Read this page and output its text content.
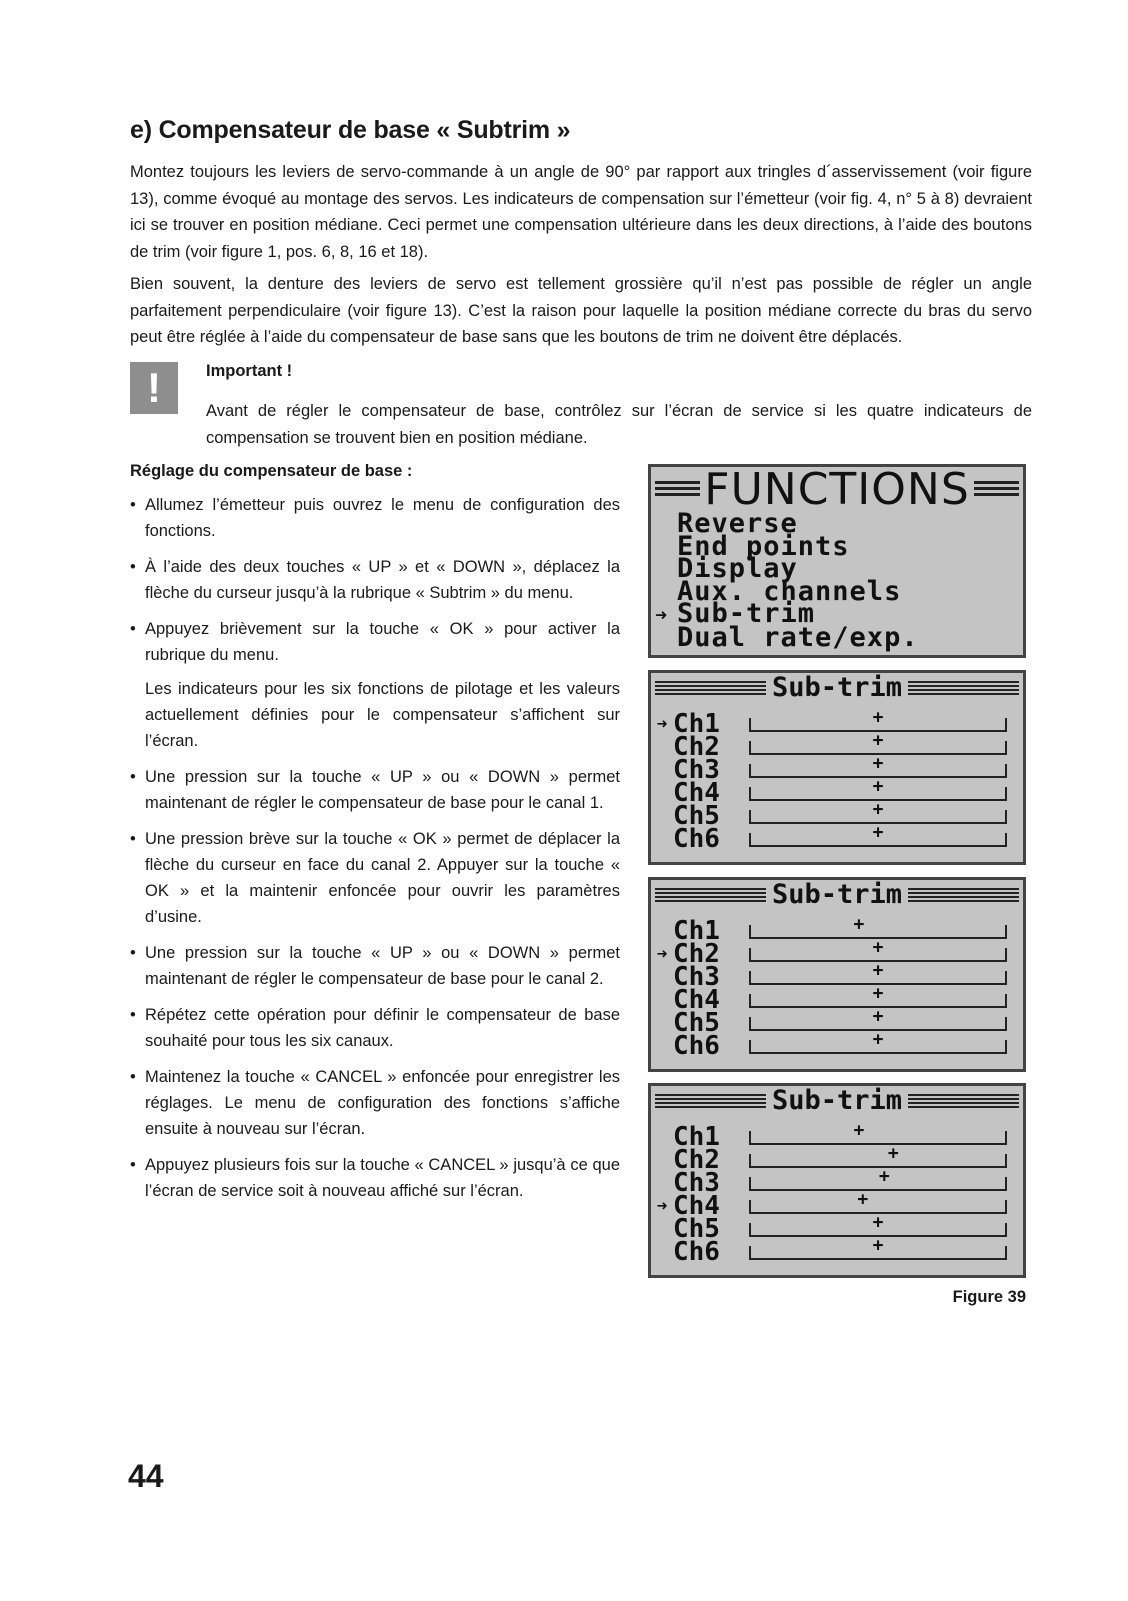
e) Compensateur de base « Subtrim »

Montez toujours les leviers de servo-commande à un angle de 90° par rapport aux tringles d´asservissement (voir figure 13), comme évoqué au montage des servos. Les indicateurs de compensation sur l’émetteur (voir fig. 4, n° 5 à 8) devraient ici se trouver en position médiane. Ceci permet une compensation ultérieure dans les deux directions, à l’aide des boutons de trim (voir figure 1, pos. 6, 8, 16 et 18).

Bien souvent, la denture des leviers de servo est tellement grossière qu’il n’est pas possible de régler un angle parfaitement perpendiculaire (voir figure 13). C’est la raison pour laquelle la position médiane correcte du bras du servo peut être réglée à l’aide du compensateur de base sans que les boutons de trim ne doivent être déplacés.

!	Important !

Avant de régler le compensateur de base, contrôlez sur l’écran de service si les quatre indicateurs de compensation se trouvent bien en position médiane.

Réglage du compensateur de base :
• Allumez l’émetteur puis ouvrez le menu de configuration des fonctions.
• À l’aide des deux touches « UP » et « DOWN », déplacez la flèche du curseur jusqu’à la rubrique « Subtrim » du menu.
• Appuyez brièvement sur la touche « OK » pour activer la rubrique du menu.
Les indicateurs pour les six fonctions de pilotage et les valeurs actuellement définies pour le compensateur s’affichent sur l’écran.
• Une pression sur la touche « UP » ou « DOWN » permet maintenant de régler le compensateur de base pour le canal 1.
• Une pression brève sur la touche « OK » permet de déplacer la flèche du curseur en face du canal 2. Appuyer sur la touche « OK » et la maintenir enfoncée pour ouvrir les paramètres d’usine.
• Une pression sur la touche « UP » ou « DOWN » permet maintenant de régler le compensateur de base pour le canal 2.
• Répétez cette opération pour définir le compensateur de base souhaité pour tous les six canaux.
• Maintenez la touche « CANCEL » enfoncée pour enregistrer les réglages. Le menu de configuration des fonctions s’affiche ensuite à nouveau sur l’écran.
• Appuyez plusieurs fois sur la touche « CANCEL » jusqu’à ce que l’écran de service soit à nouveau affiché sur l’écran.
FUNCTIONS
Reverse
End points
Display
Aux. channels
➜ Sub-trim
Dual rate/exp.
Sub-trim
➜ Ch1	+
Ch2	+
Ch3	+
Ch4	+
Ch5	+
Ch6	+
Sub-trim
Ch1	+
➜ Ch2	+
Ch3	+
Ch4	+
Ch5	+
Ch6	+
Sub-trim
Ch1	+
Ch2	+
Ch3	+
➜ Ch4	+
Ch5	+
Ch6	+
Figure 39
44
